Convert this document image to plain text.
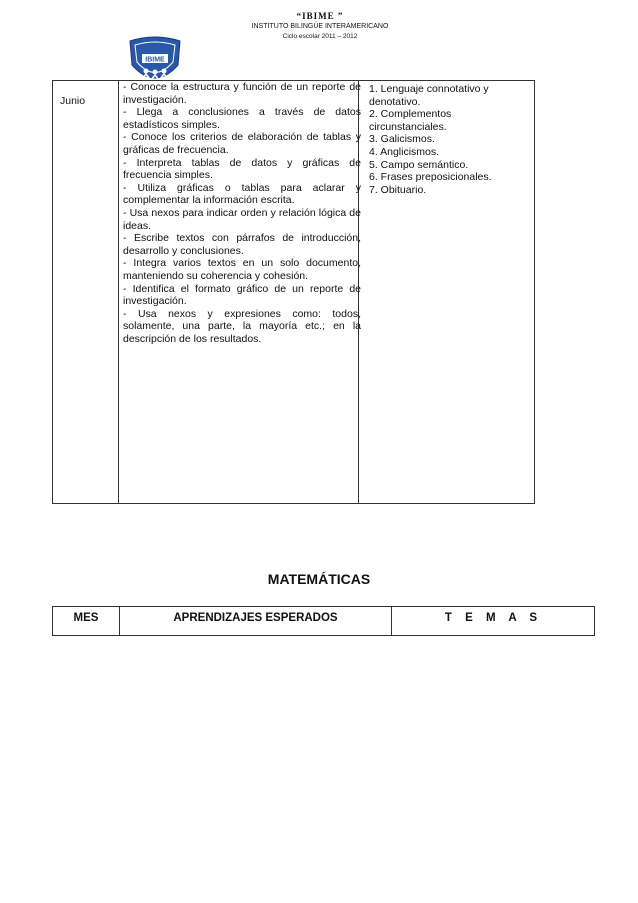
IBIME
“IBIME ”
INSTITUTO BILINGÜE INTERAMERICANO
Ciclo escolar 2011 – 2012
Junio

- Conoce la estructura y función de un reporte de investigación.

- Llega a conclusiones a través de datos estadísticos simples.

- Conoce los criterios de elaboración de tablas y gráficas de frecuencia.

- Interpreta tablas de datos y gráficas de frecuencia simples.

- Utiliza gráficas o tablas para aclarar y complementar la información escrita.

- Usa nexos para indicar orden y relación lógica de ideas.

- Escribe textos con párrafos de introducción, desarrollo y conclusiones.

- Integra varios textos en un solo documento, manteniendo su coherencia y cohesión.

- Identifica el formato gráfico de un reporte de investigación.

- Usa nexos y expresiones como: todos, solamente, una parte, la mayoría etc.; en la descripción de los resultados.

1. Lenguaje connotativo y denotativo.

2. Complementos circunstanciales.

3. Galicismos.

4. Anglicismos.

5. Campo semántico.

6. Frases preposicionales.

7. Obituario.

MATEMÁTICAS
MES	APRENDIZAJES ESPERADOS	T E M A S
